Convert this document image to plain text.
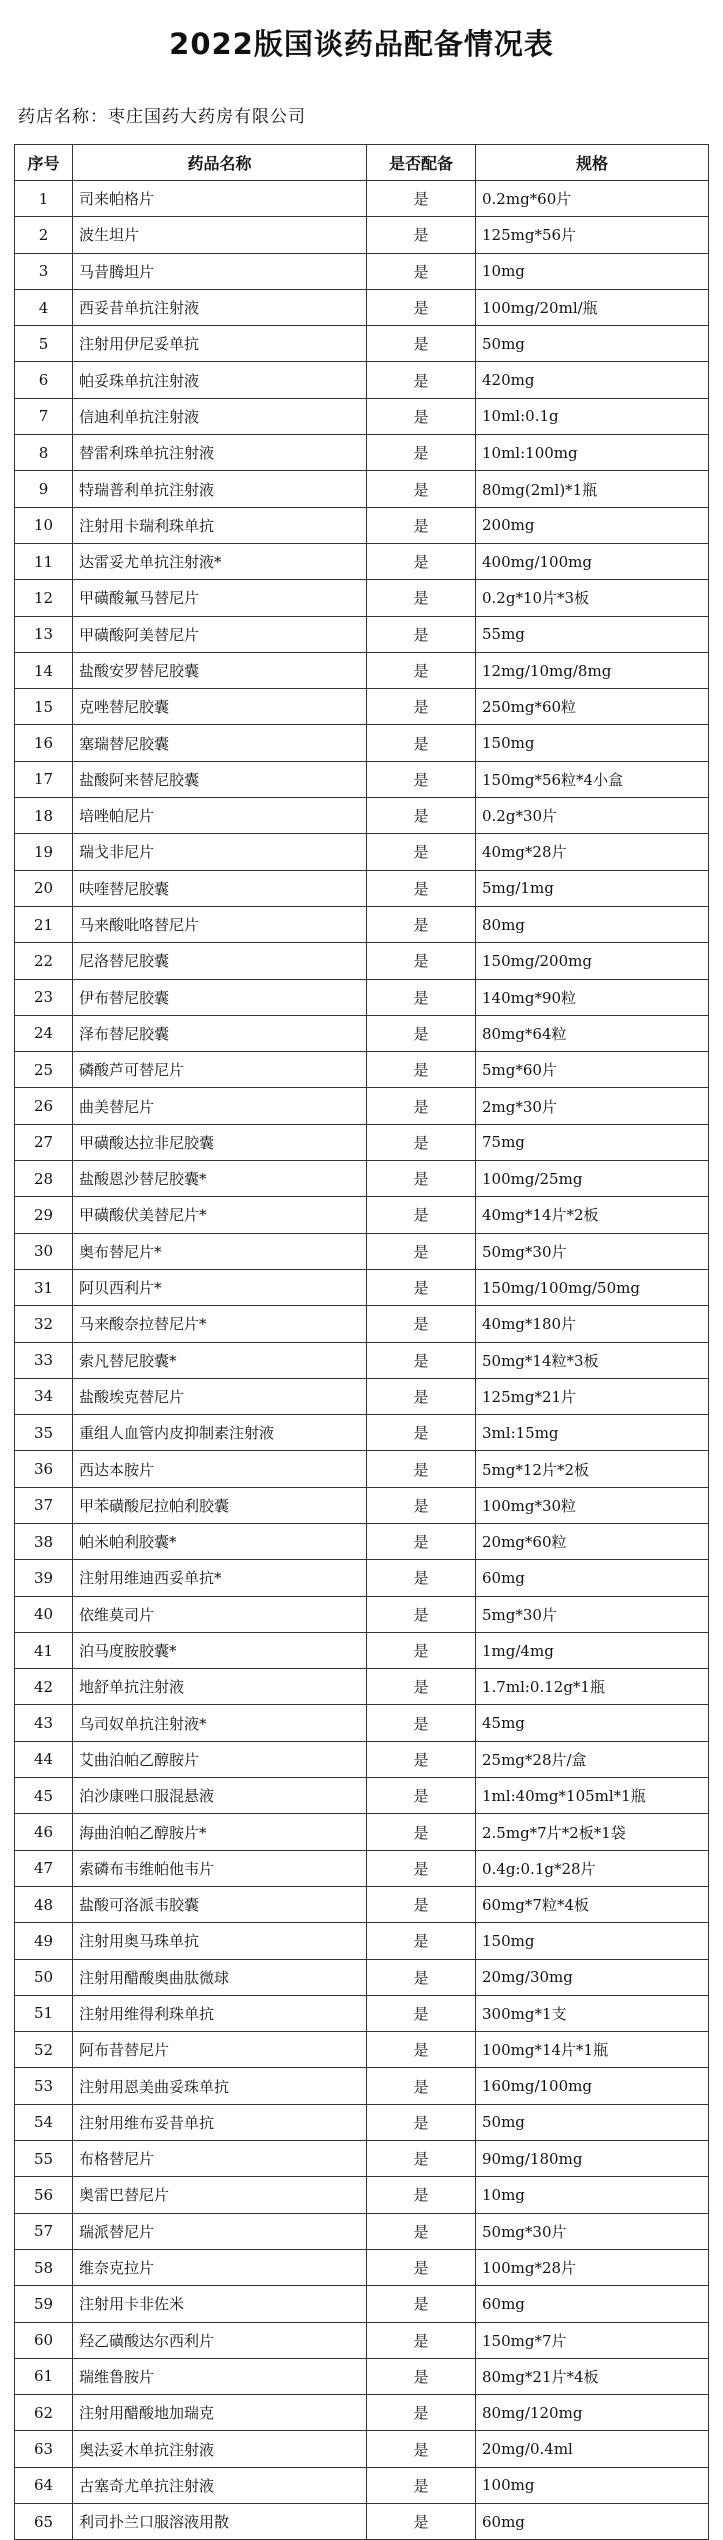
2022版国谈药品配备情况表
药店名称：枣庄国药大药房有限公司
序号	药品名称	是否配备	规格
1	司来帕格片	是	0.2mg*60片
2	波生坦片	是	125mg*56片
3	马昔腾坦片	是	10mg
4	西妥昔单抗注射液	是	100mg/20ml/瓶
5	注射用伊尼妥单抗	是	50mg
6	帕妥珠单抗注射液	是	420mg
7	信迪利单抗注射液	是	10ml:0.1g
8	替雷利珠单抗注射液	是	10ml:100mg
9	特瑞普利单抗注射液	是	80mg(2ml)*1瓶
10	注射用卡瑞利珠单抗	是	200mg
11	达雷妥尤单抗注射液*	是	400mg/100mg
12	甲磺酸氟马替尼片	是	0.2g*10片*3板
13	甲磺酸阿美替尼片	是	55mg
14	盐酸安罗替尼胶囊	是	12mg/10mg/8mg
15	克唑替尼胶囊	是	250mg*60粒
16	塞瑞替尼胶囊	是	150mg
17	盐酸阿来替尼胶囊	是	150mg*56粒*4小盒
18	培唑帕尼片	是	0.2g*30片
19	瑞戈非尼片	是	40mg*28片
20	呋喹替尼胶囊	是	5mg/1mg
21	马来酸吡咯替尼片	是	80mg
22	尼洛替尼胶囊	是	150mg/200mg
23	伊布替尼胶囊	是	140mg*90粒
24	泽布替尼胶囊	是	80mg*64粒
25	磷酸芦可替尼片	是	5mg*60片
26	曲美替尼片	是	2mg*30片
27	甲磺酸达拉非尼胶囊	是	75mg
28	盐酸恩沙替尼胶囊*	是	100mg/25mg
29	甲磺酸伏美替尼片*	是	40mg*14片*2板
30	奥布替尼片*	是	50mg*30片
31	阿贝西利片*	是	150mg/100mg/50mg
32	马来酸奈拉替尼片*	是	40mg*180片
33	索凡替尼胶囊*	是	50mg*14粒*3板
34	盐酸埃克替尼片	是	125mg*21片
35	重组人血管内皮抑制素注射液	是	3ml:15mg
36	西达本胺片	是	5mg*12片*2板
37	甲苯磺酸尼拉帕利胶囊	是	100mg*30粒
38	帕米帕利胶囊*	是	20mg*60粒
39	注射用维迪西妥单抗*	是	60mg
40	依维莫司片	是	5mg*30片
41	泊马度胺胶囊*	是	1mg/4mg
42	地舒单抗注射液	是	1.7ml:0.12g*1瓶
43	乌司奴单抗注射液*	是	45mg
44	艾曲泊帕乙醇胺片	是	25mg*28片/盒
45	泊沙康唑口服混悬液	是	1ml:40mg*105ml*1瓶
46	海曲泊帕乙醇胺片*	是	2.5mg*7片*2板*1袋
47	索磷布韦维帕他韦片	是	0.4g:0.1g*28片
48	盐酸可洛派韦胶囊	是	60mg*7粒*4板
49	注射用奥马珠单抗	是	150mg
50	注射用醋酸奥曲肽微球	是	20mg/30mg
51	注射用维得利珠单抗	是	300mg*1支
52	阿布昔替尼片	是	100mg*14片*1瓶
53	注射用恩美曲妥珠单抗	是	160mg/100mg
54	注射用维布妥昔单抗	是	50mg
55	布格替尼片	是	90mg/180mg
56	奥雷巴替尼片	是	10mg
57	瑞派替尼片	是	50mg*30片
58	维奈克拉片	是	100mg*28片
59	注射用卡非佐米	是	60mg
60	羟乙磺酸达尔西利片	是	150mg*7片
61	瑞维鲁胺片	是	80mg*21片*4板
62	注射用醋酸地加瑞克	是	80mg/120mg
63	奥法妥木单抗注射液	是	20mg/0.4ml
64	古塞奇尤单抗注射液	是	100mg
65	利司扑兰口服溶液用散	是	60mg
